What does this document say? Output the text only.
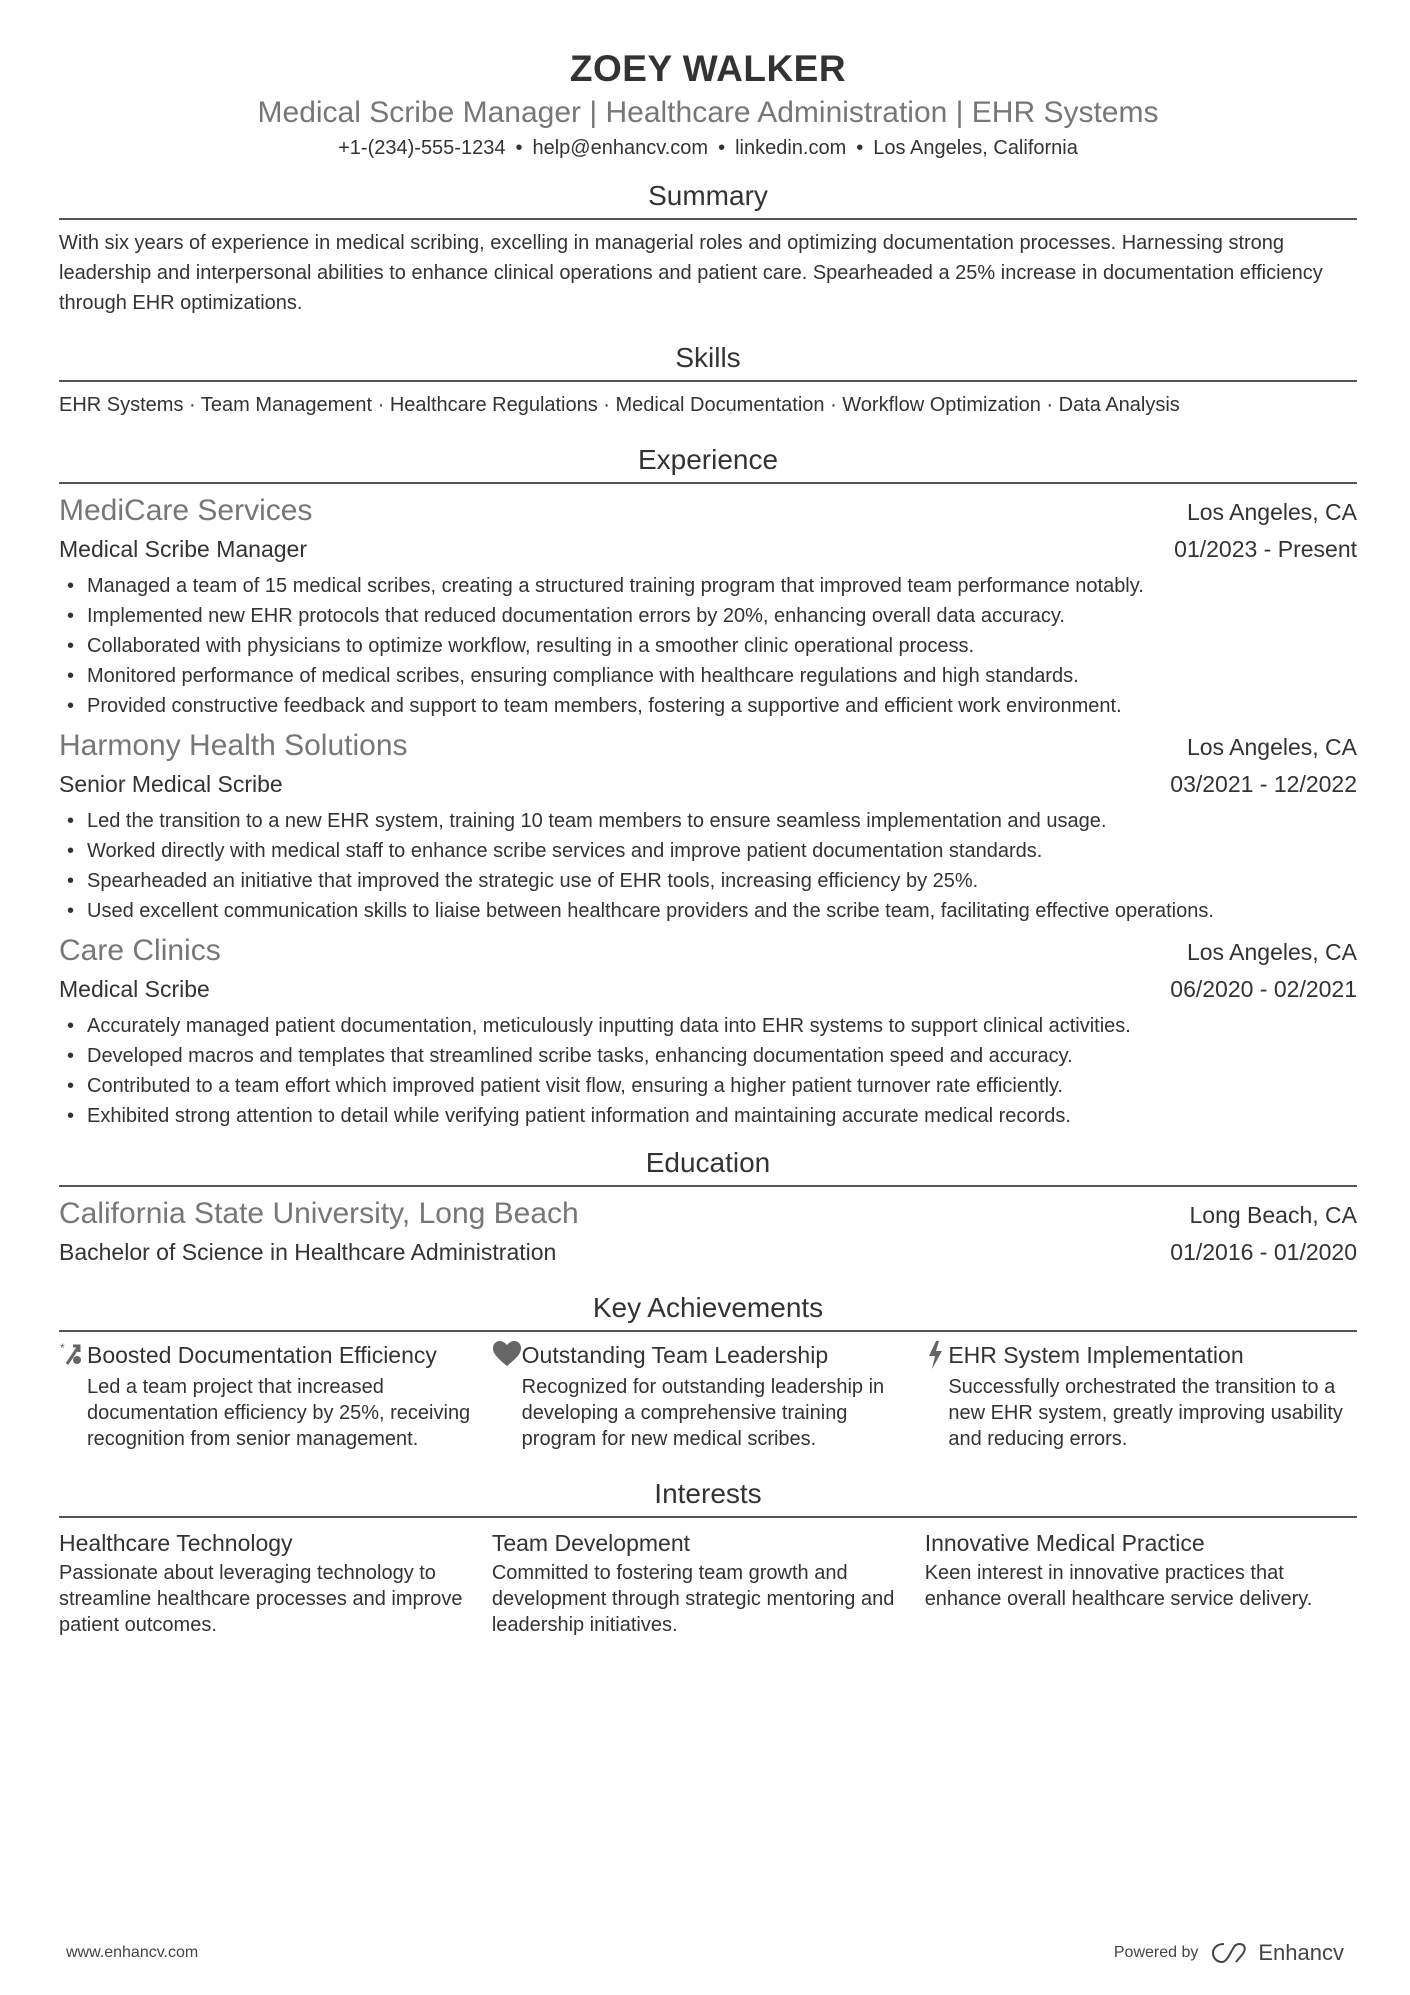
ZOEY WALKER
Medical Scribe Manager | Healthcare Administration | EHR Systems
+1-(234)-555-1234 • help@enhancv.com • linkedin.com • Los Angeles, California
Summary
With six years of experience in medical scribing, excelling in managerial roles and optimizing documentation processes. Harnessing strong leadership and interpersonal abilities to enhance clinical operations and patient care. Spearheaded a 25% increase in documentation efficiency through EHR optimizations.
Skills
EHR Systems · Team Management · Healthcare Regulations · Medical Documentation · Workflow Optimization · Data Analysis
Experience
MediCare Services	Los Angeles, CA
Medical Scribe Manager	01/2023 - Present
• Managed a team of 15 medical scribes, creating a structured training program that improved team performance notably.
• Implemented new EHR protocols that reduced documentation errors by 20%, enhancing overall data accuracy.
• Collaborated with physicians to optimize workflow, resulting in a smoother clinic operational process.
• Monitored performance of medical scribes, ensuring compliance with healthcare regulations and high standards.
• Provided constructive feedback and support to team members, fostering a supportive and efficient work environment.
Harmony Health Solutions	Los Angeles, CA
Senior Medical Scribe	03/2021 - 12/2022
• Led the transition to a new EHR system, training 10 team members to ensure seamless implementation and usage.
• Worked directly with medical staff to enhance scribe services and improve patient documentation standards.
• Spearheaded an initiative that improved the strategic use of EHR tools, increasing efficiency by 25%.
• Used excellent communication skills to liaise between healthcare providers and the scribe team, facilitating effective operations.
Care Clinics	Los Angeles, CA
Medical Scribe	06/2020 - 02/2021
• Accurately managed patient documentation, meticulously inputting data into EHR systems to support clinical activities.
• Developed macros and templates that streamlined scribe tasks, enhancing documentation speed and accuracy.
• Contributed to a team effort which improved patient visit flow, ensuring a higher patient turnover rate efficiently.
• Exhibited strong attention to detail while verifying patient information and maintaining accurate medical records.
Education
California State University, Long Beach	Long Beach, CA
Bachelor of Science in Healthcare Administration	01/2016 - 01/2020
Key Achievements
* Boosted Documentation Efficiency
Led a team project that increased documentation efficiency by 25%, receiving recognition from senior management.
Outstanding Team Leadership
Recognized for outstanding leadership in developing a comprehensive training program for new medical scribes.
EHR System Implementation
Successfully orchestrated the transition to a new EHR system, greatly improving usability and reducing errors.
Interests
Healthcare Technology
Passionate about leveraging technology to streamline healthcare processes and improve patient outcomes.
Team Development
Committed to fostering team growth and development through strategic mentoring and leadership initiatives.
Innovative Medical Practice
Keen interest in innovative practices that enhance overall healthcare service delivery.
www.enhancv.com	Powered by	Enhancv
